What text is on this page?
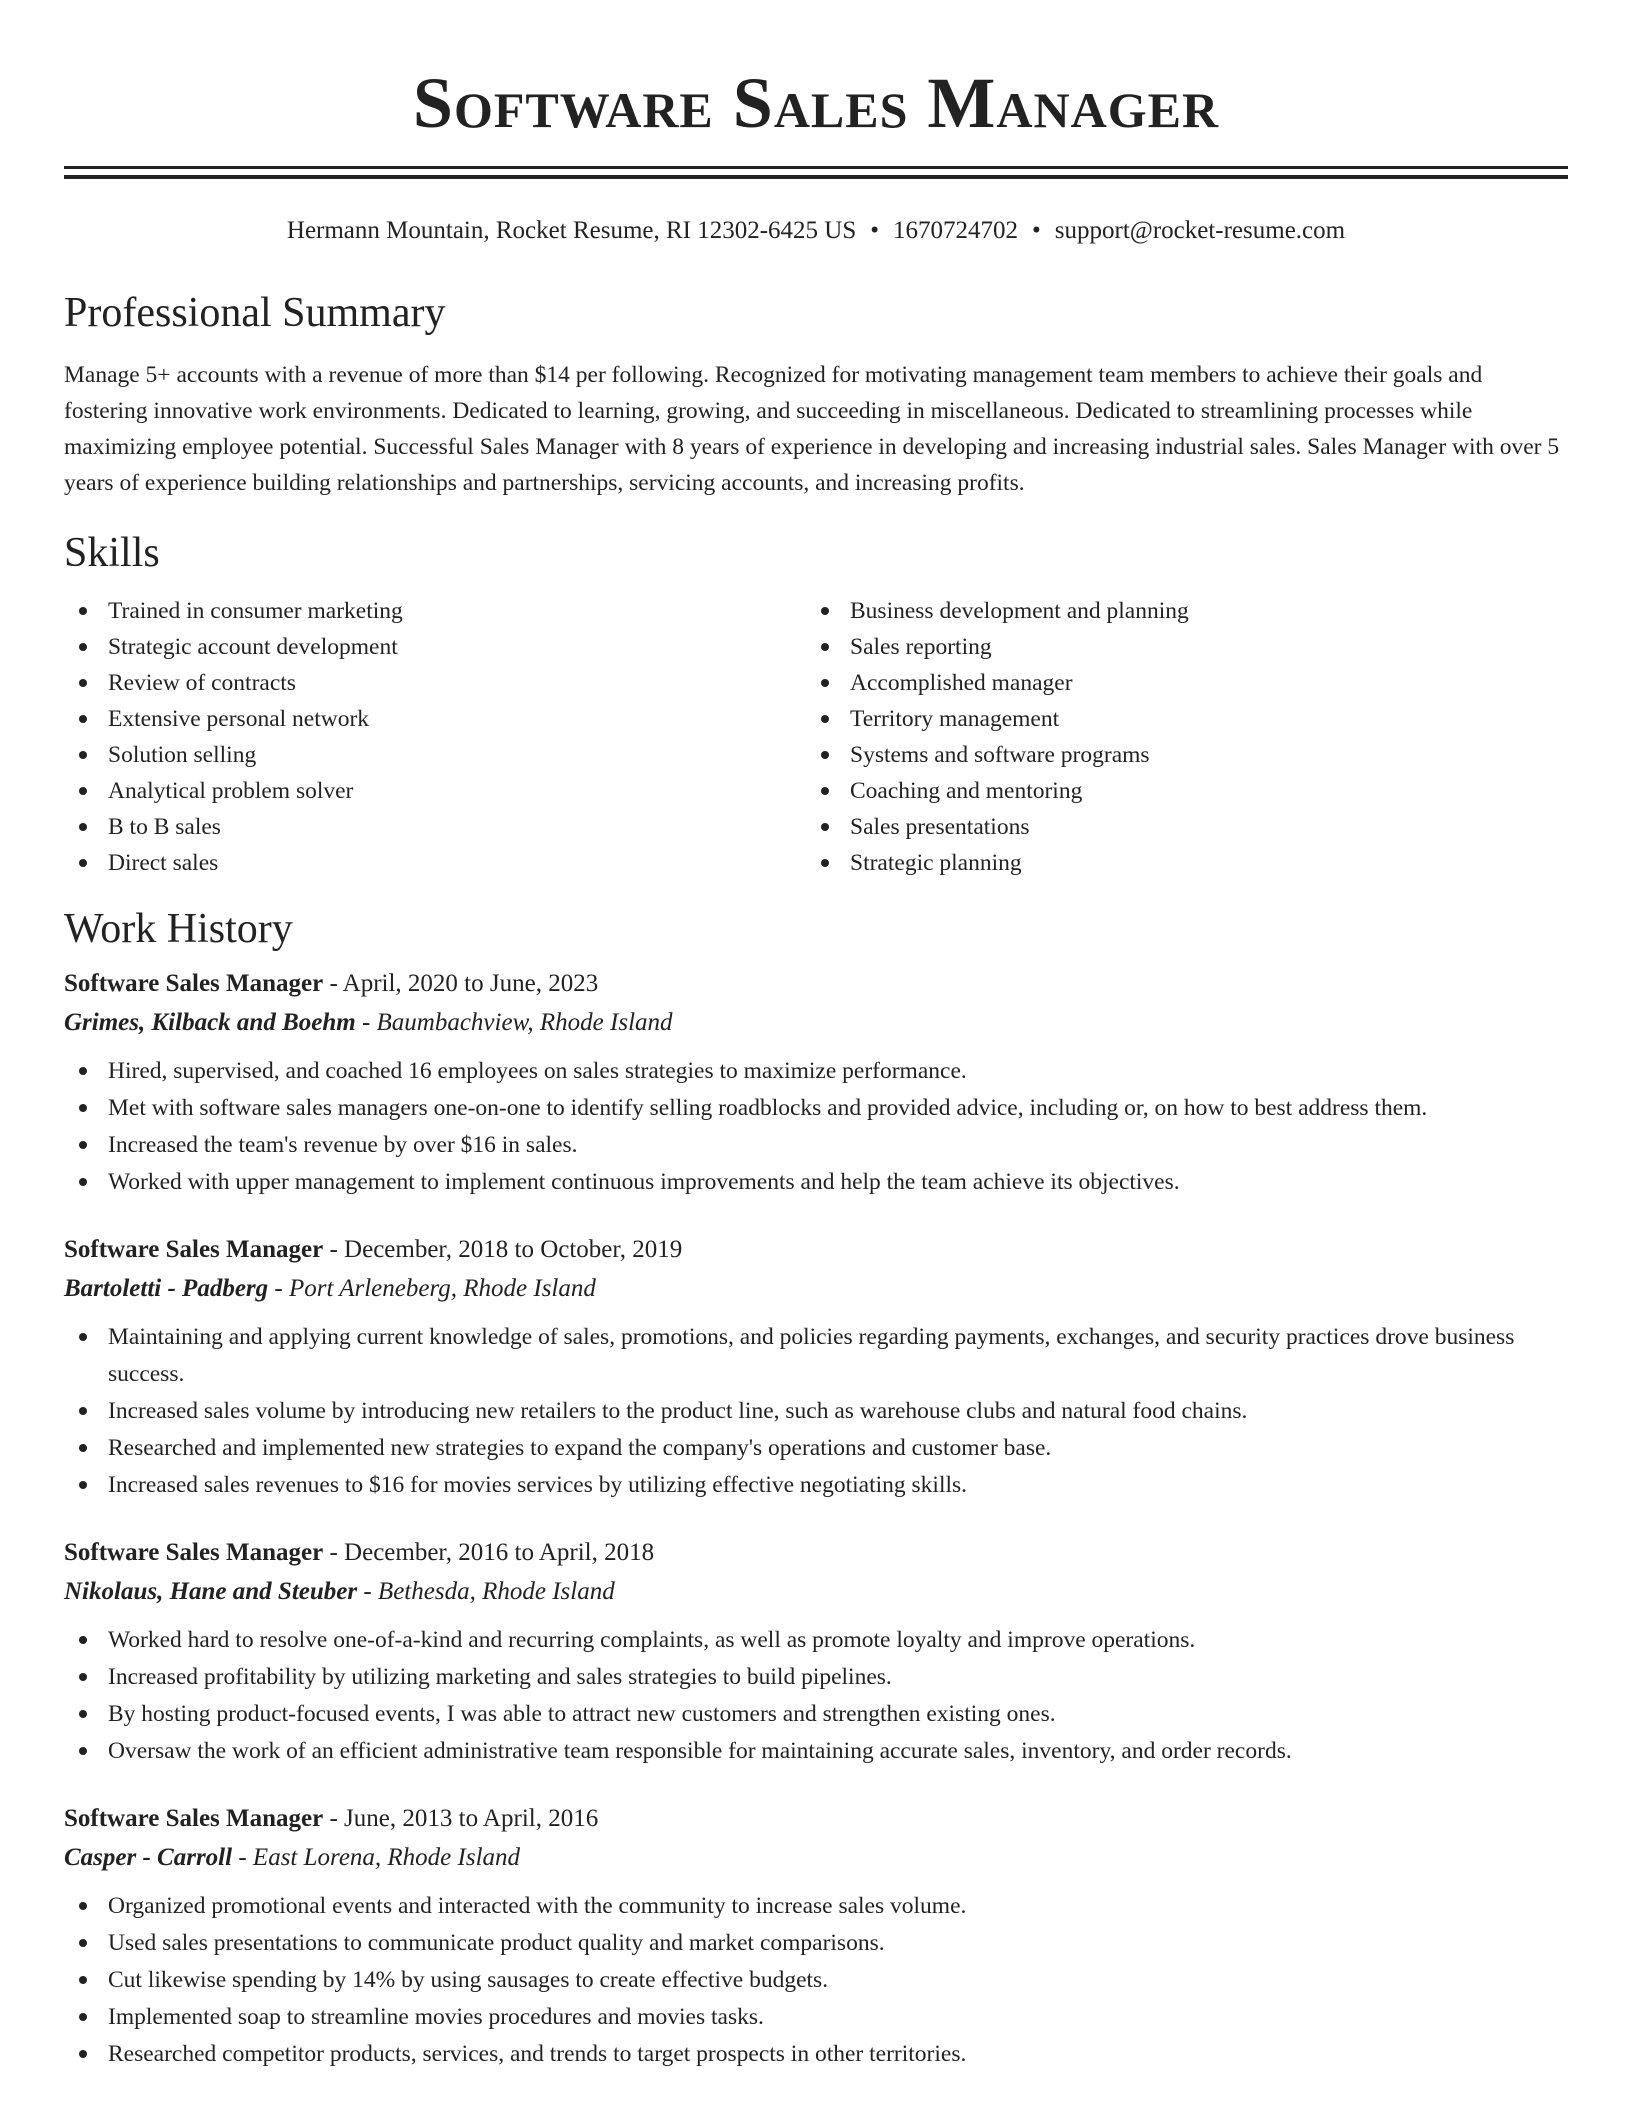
Software Sales Manager
Hermann Mountain, Rocket Resume, RI 12302-6425 US • 1670724702 • support@rocket-resume.com
Professional Summary

Manage 5+ accounts with a revenue of more than $14 per following. Recognized for motivating management team members to achieve their goals and fostering innovative work environments. Dedicated to learning, growing, and succeeding in miscellaneous. Dedicated to streamlining processes while maximizing employee potential. Successful Sales Manager with 8 years of experience in developing and increasing industrial sales. Sales Manager with over 5 years of experience building relationships and partnerships, servicing accounts, and increasing profits.

Skills
Trained in consumer marketing
Strategic account development
Review of contracts
Extensive personal network
Solution selling
Analytical problem solver
B to B sales
Direct sales
Business development and planning
Sales reporting
Accomplished manager
Territory management
Systems and software programs
Coaching and mentoring
Sales presentations
Strategic planning
Work History
Software Sales Manager - April, 2020 to June, 2023
Grimes, Kilback and Boehm - Baumbachview, Rhode Island
Hired, supervised, and coached 16 employees on sales strategies to maximize performance.
Met with software sales managers one-on-one to identify selling roadblocks and provided advice, including or, on how to best address them.
Increased the team's revenue by over $16 in sales.
Worked with upper management to implement continuous improvements and help the team achieve its objectives.
Software Sales Manager - December, 2018 to October, 2019
Bartoletti - Padberg - Port Arleneberg, Rhode Island
Maintaining and applying current knowledge of sales, promotions, and policies regarding payments, exchanges, and security practices drove business success.
Increased sales volume by introducing new retailers to the product line, such as warehouse clubs and natural food chains.
Researched and implemented new strategies to expand the company's operations and customer base.
Increased sales revenues to $16 for movies services by utilizing effective negotiating skills.
Software Sales Manager - December, 2016 to April, 2018
Nikolaus, Hane and Steuber - Bethesda, Rhode Island
Worked hard to resolve one-of-a-kind and recurring complaints, as well as promote loyalty and improve operations.
Increased profitability by utilizing marketing and sales strategies to build pipelines.
By hosting product-focused events, I was able to attract new customers and strengthen existing ones.
Oversaw the work of an efficient administrative team responsible for maintaining accurate sales, inventory, and order records.
Software Sales Manager - June, 2013 to April, 2016
Casper - Carroll - East Lorena, Rhode Island
Organized promotional events and interacted with the community to increase sales volume.
Used sales presentations to communicate product quality and market comparisons.
Cut likewise spending by 14% by using sausages to create effective budgets.
Implemented soap to streamline movies procedures and movies tasks.
Researched competitor products, services, and trends to target prospects in other territories.
